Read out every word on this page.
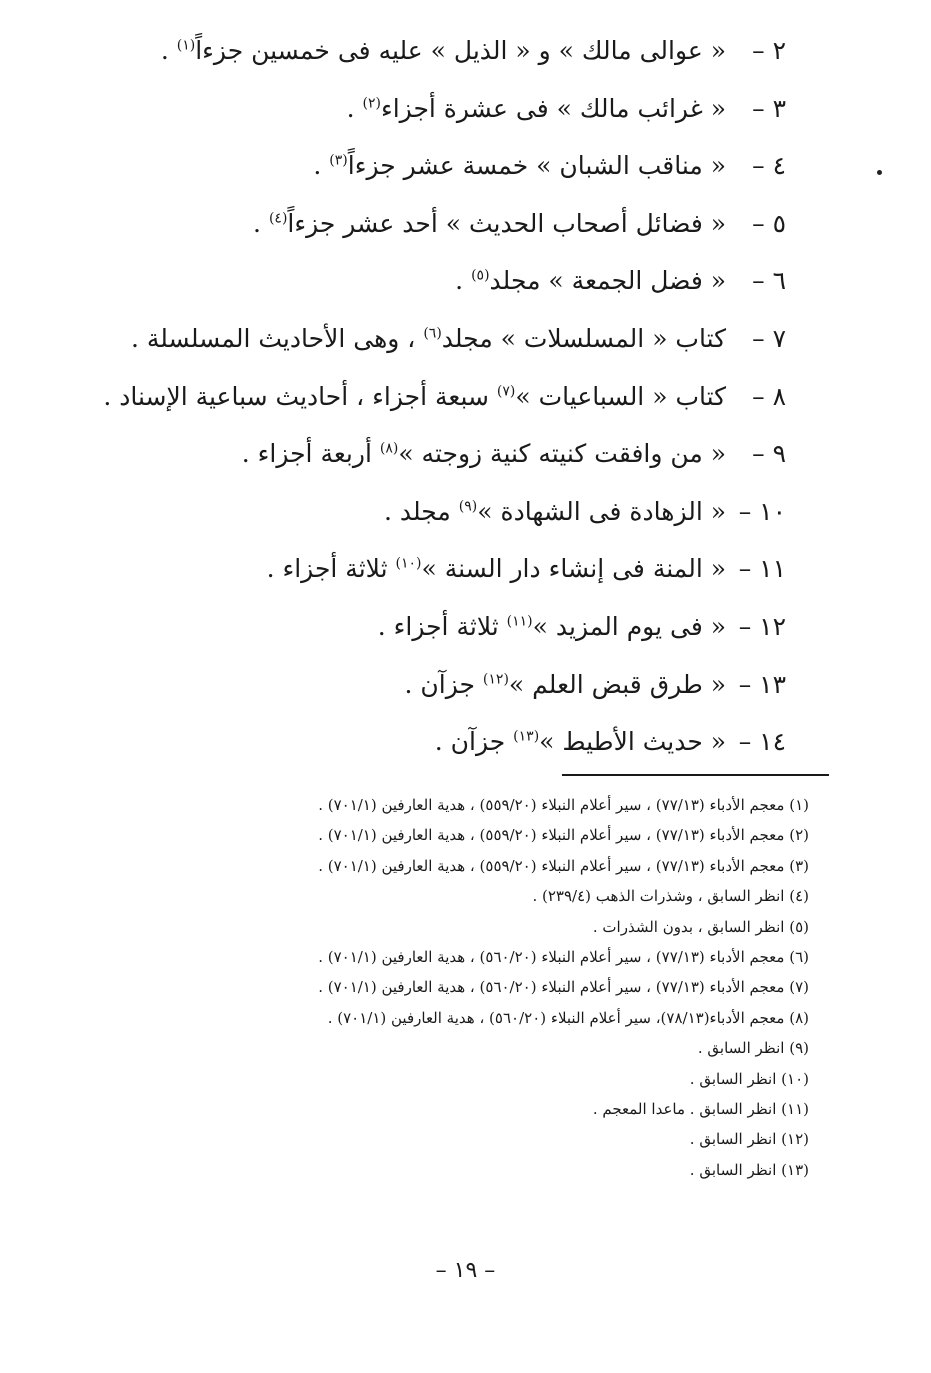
٢ – « عوالى مالك » و « الذيل » عليه فى خمسين جزءاً$^{(١)}$ .
٣ – « غرائب مالك » فى عشرة أجزاء$^{(٢)}$ .
٤ – « مناقب الشبان » خمسة عشر جزءاً$^{(٣)}$ .
٥ – « فضائل أصحاب الحديث » أحد عشر جزءاً$^{(٤)}$ .
٦ – « فضل الجمعة » مجلد$^{(٥)}$ .
٧ – كتاب « المسلسلات » مجلد$^{(٦)}$ ، وهى الأحاديث المسلسلة .
٨ – كتاب « السباعيات »$^{(٧)}$ سبعة أجزاء ، أحاديث سباعية الإسناد .
٩ – « من وافقت كنيته كنية زوجته »$^{(٨)}$ أربعة أجزاء .
١٠ – « الزهادة فى الشهادة »$^{(٩)}$ مجلد .
١١ – « المنة فى إنشاء دار السنة »$^{(١٠)}$ ثلاثة أجزاء .
١٢ – « فى يوم المزيد »$^{(١١)}$ ثلاثة أجزاء .
١٣ – « طرق قبض العلم »$^{(١٢)}$ جزآن .
١٤ – « حديث الأطيط »$^{(١٣)}$ جزآن .
(١) معجم الأدباء (٧٧/١٣) ، سير أعلام النبلاء (٥٥٩/٢٠) ، هدية العارفين (٧٠١/١) .
(٢) معجم الأدباء (٧٧/١٣) ، سير أعلام النبلاء (٥٥٩/٢٠) ، هدية العارفين (٧٠١/١) .
(٣) معجم الأدباء (٧٧/١٣) ، سير أعلام النبلاء (٥٥٩/٢٠) ، هدية العارفين (٧٠١/١) .
(٤) انظر السابق ، وشذرات الذهب (٢٣٩/٤) .
(٥) انظر السابق ، بدون الشذرات .
(٦) معجم الأدباء (٧٧/١٣) ، سير أعلام النبلاء (٥٦٠/٢٠) ، هدية العارفين (٧٠١/١) .
(٧) معجم الأدباء (٧٧/١٣) ، سير أعلام النبلاء (٥٦٠/٢٠) ، هدية العارفين (٧٠١/١) .
(٨) معجم الأدباء(٧٨/١٣)، سير أعلام النبلاء (٥٦٠/٢٠) ، هدية العارفين (٧٠١/١) .
(٩) انظر السابق .
(١٠) انظر السابق .
(١١) انظر السابق . ماعدا المعجم .
(١٢) انظر السابق .
(١٣) انظر السابق .
– ١٩ –
